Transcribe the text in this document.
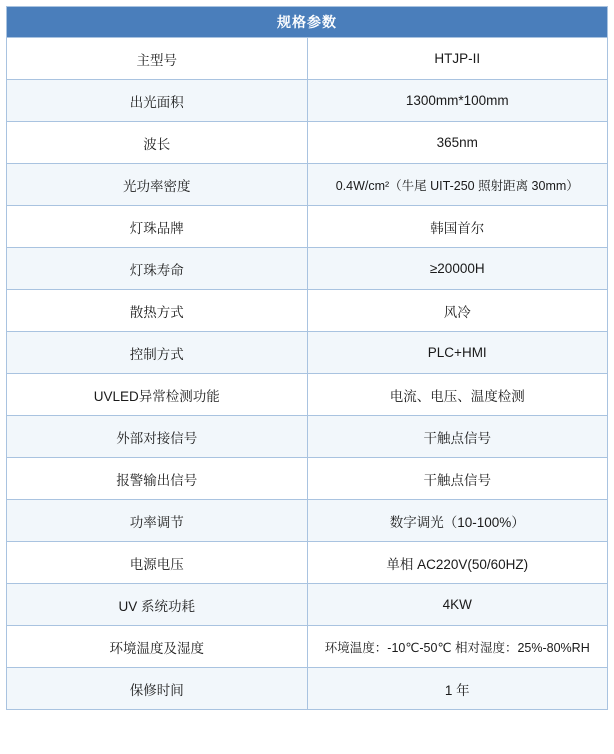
规格参数	
主型号	HTJP-II
出光面积	1300mm*100mm
波长	365nm
光功率密度	0.4W/cm²（牛尾 UIT-250 照射距离 30mm）
灯珠品牌	韩国首尔
灯珠寿命	≥20000H
散热方式	风冷
控制方式	PLC+HMI
UVLED异常检测功能	电流、电压、温度检测
外部对接信号	干触点信号
报警输出信号	干触点信号
功率调节	数字调光（10-100%）
电源电压	单相 AC220V(50/60HZ)
UV 系统功耗	4KW
环境温度及湿度	环境温度：-10℃-50℃ 相对湿度：25%-80%RH
保修时间	1 年
